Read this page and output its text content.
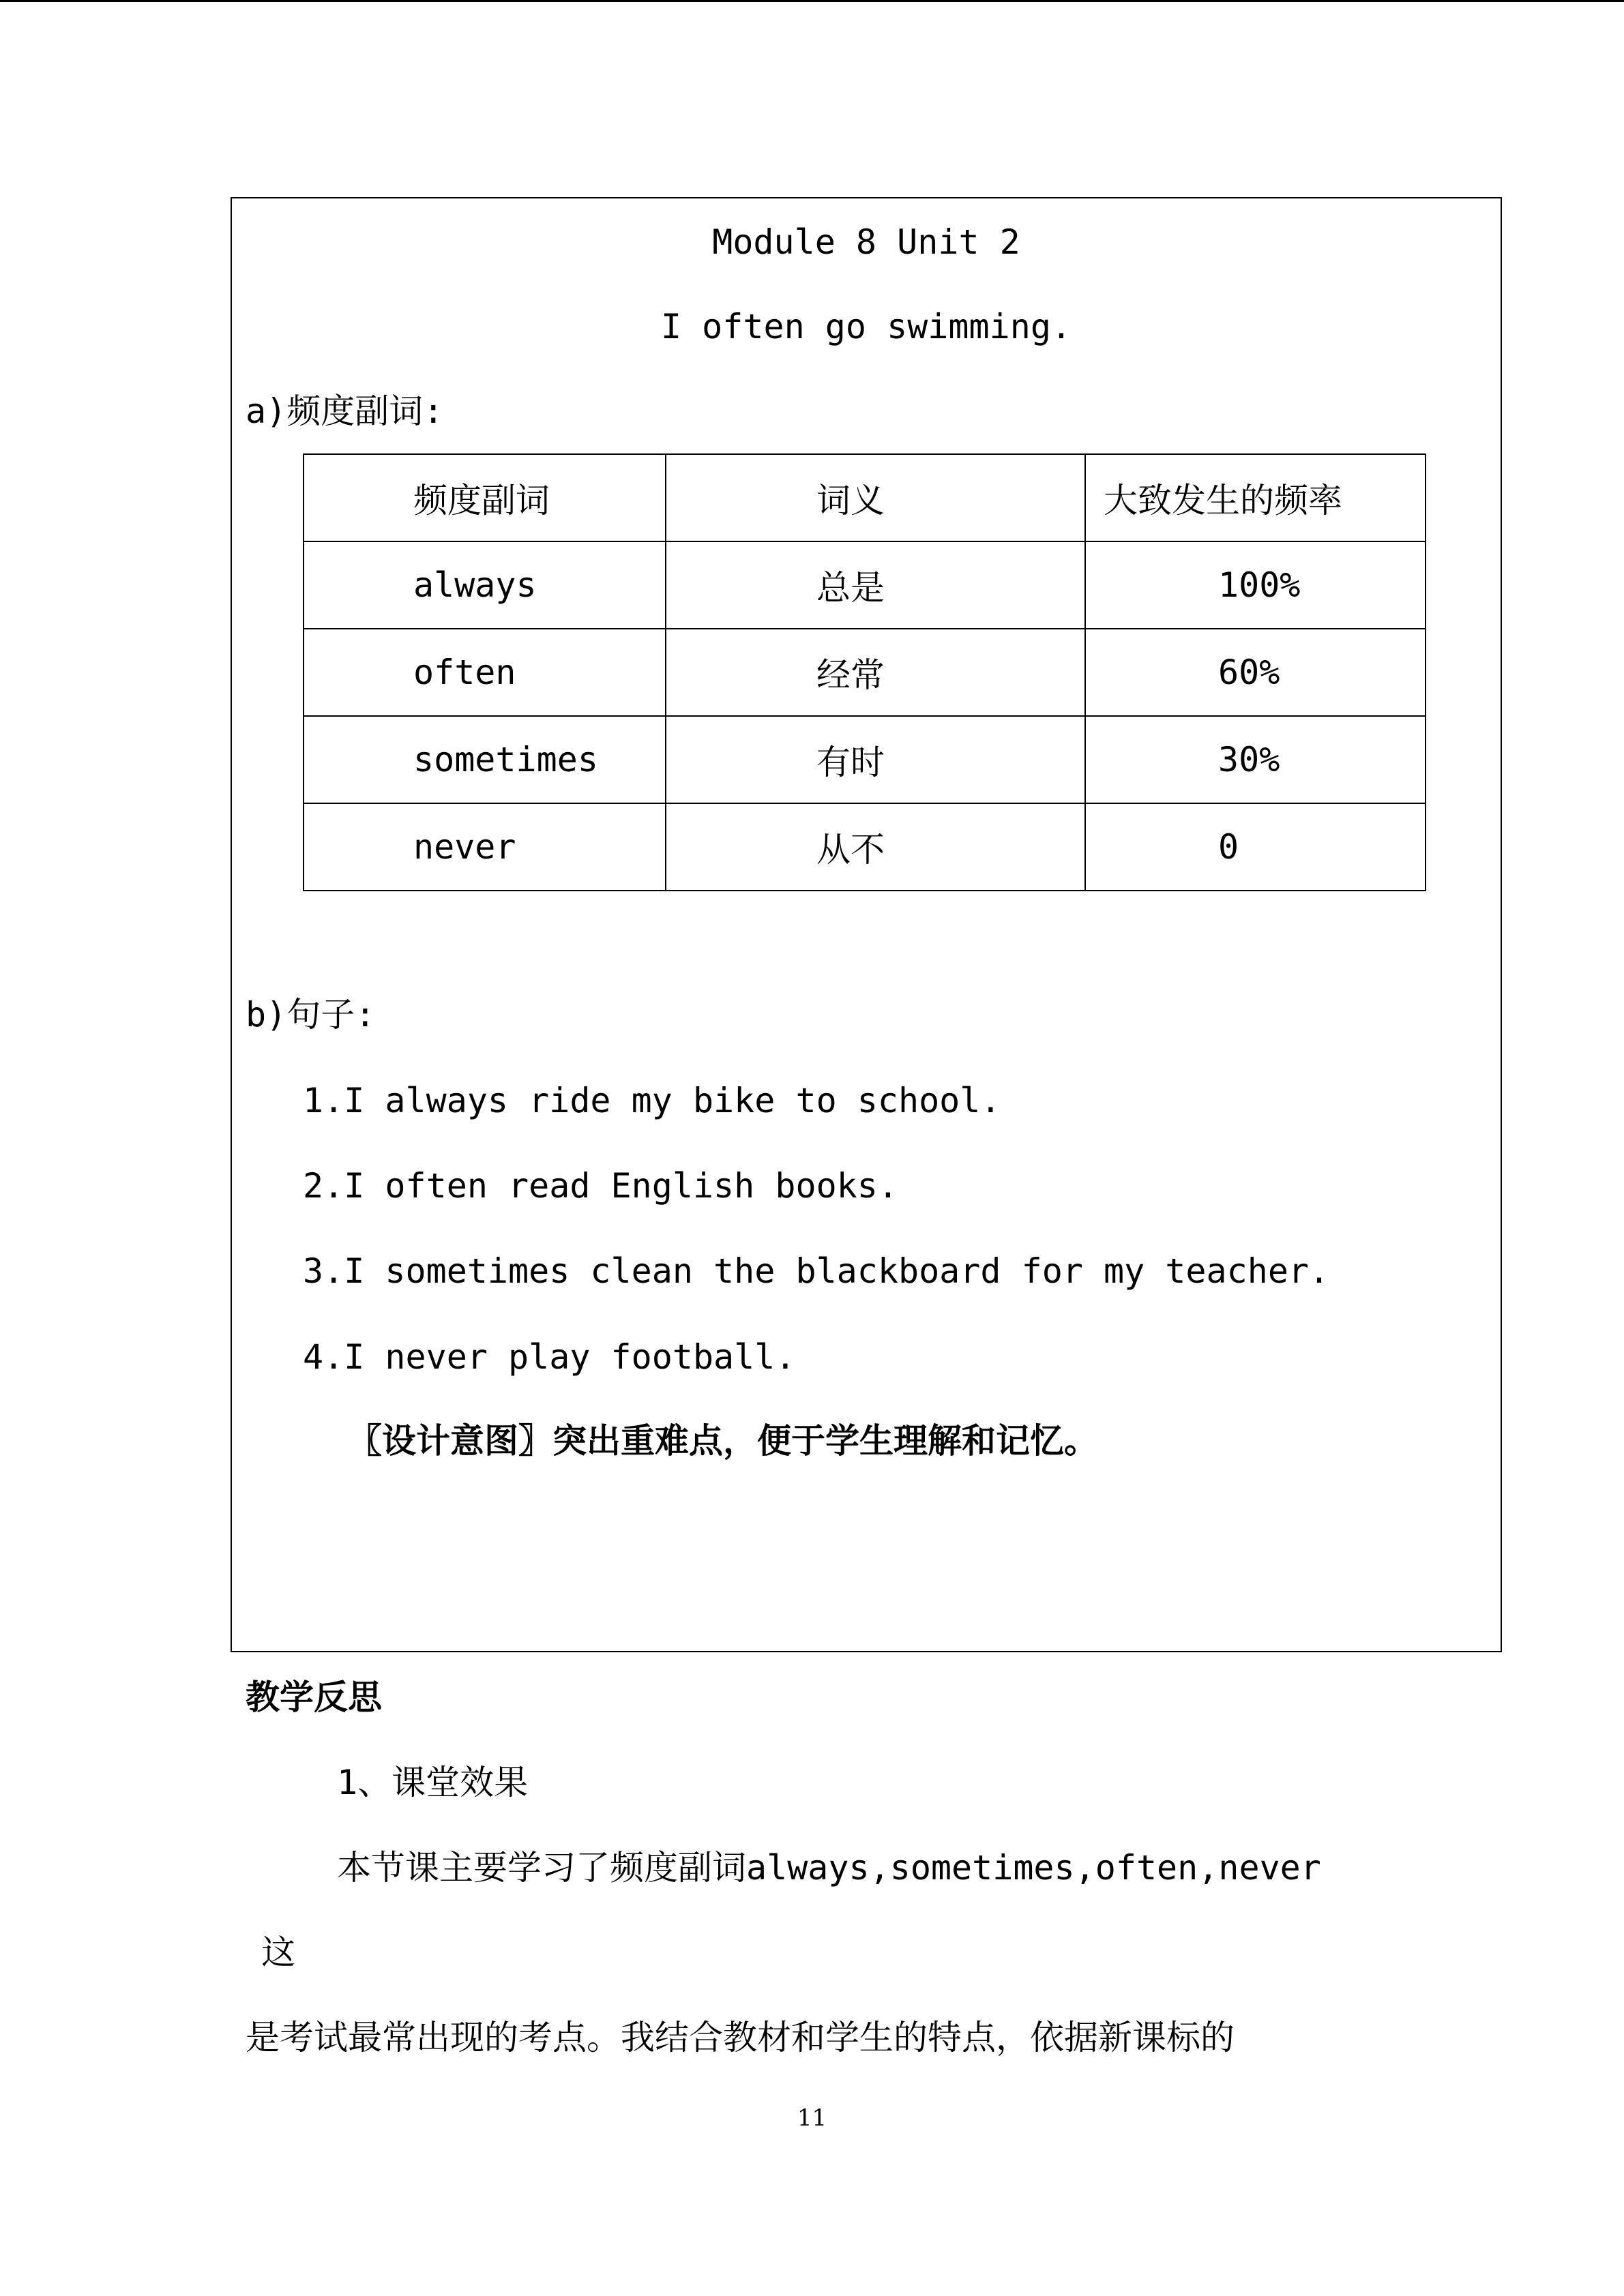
Module 8 Unit 2
I often go swimming.
a)频度副词:
频度副词	词义	大致发生的频率
always	总是	100%
often	经常	60%
sometimes	有时	30%
never	从不	0
b)句子:
1.I always ride my bike to school.
2.I often read English books.
3.I sometimes clean the blackboard for my teacher.
4.I never play football.
〖设计意图〗突出重难点，便于学生理解和记忆。
教学反思
1、课堂效果
本节课主要学习了频度副词always,sometimes,often,never
这
是考试最常出现的考点。我结合教材和学生的特点，依据新课标的
11
